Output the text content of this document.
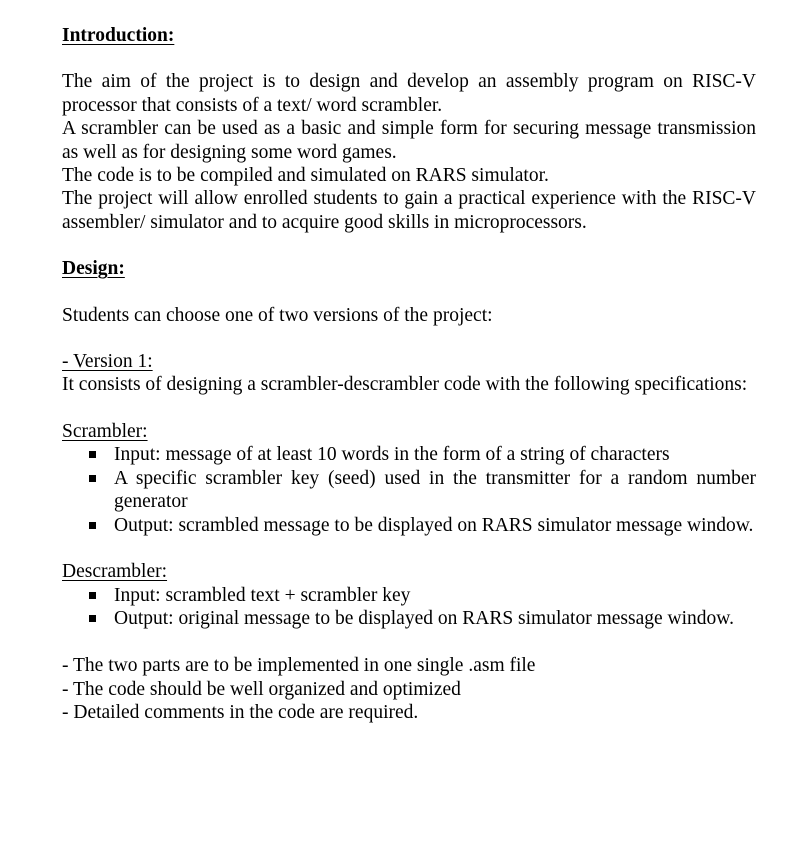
Introduction:

The aim of the project is to design and develop an assembly program on RISC-V processor that consists of a text/ word scrambler.

A scrambler can be used as a basic and simple form for securing message transmission as well as for designing some word games.

The code is to be compiled and simulated on RARS simulator.

The project will allow enrolled students to gain a practical experience with the RISC-V assembler/ simulator and to acquire good skills in microprocessors.

Design:

Students can choose one of two versions of the project:

- Version 1:

It consists of designing a scrambler-descrambler code with the following specifications:

Scrambler:

Input: message of at least 10 words in the form of a string of characters
A specific scrambler key (seed) used in the transmitter for a random number generator
Output: scrambled message to be displayed on RARS simulator message window.

Descrambler:

Input: scrambled text + scrambler key
Output: original message to be displayed on RARS simulator message window.

- The two parts are to be implemented in one single .asm file

- The code should be well organized and optimized

- Detailed comments in the code are required.
